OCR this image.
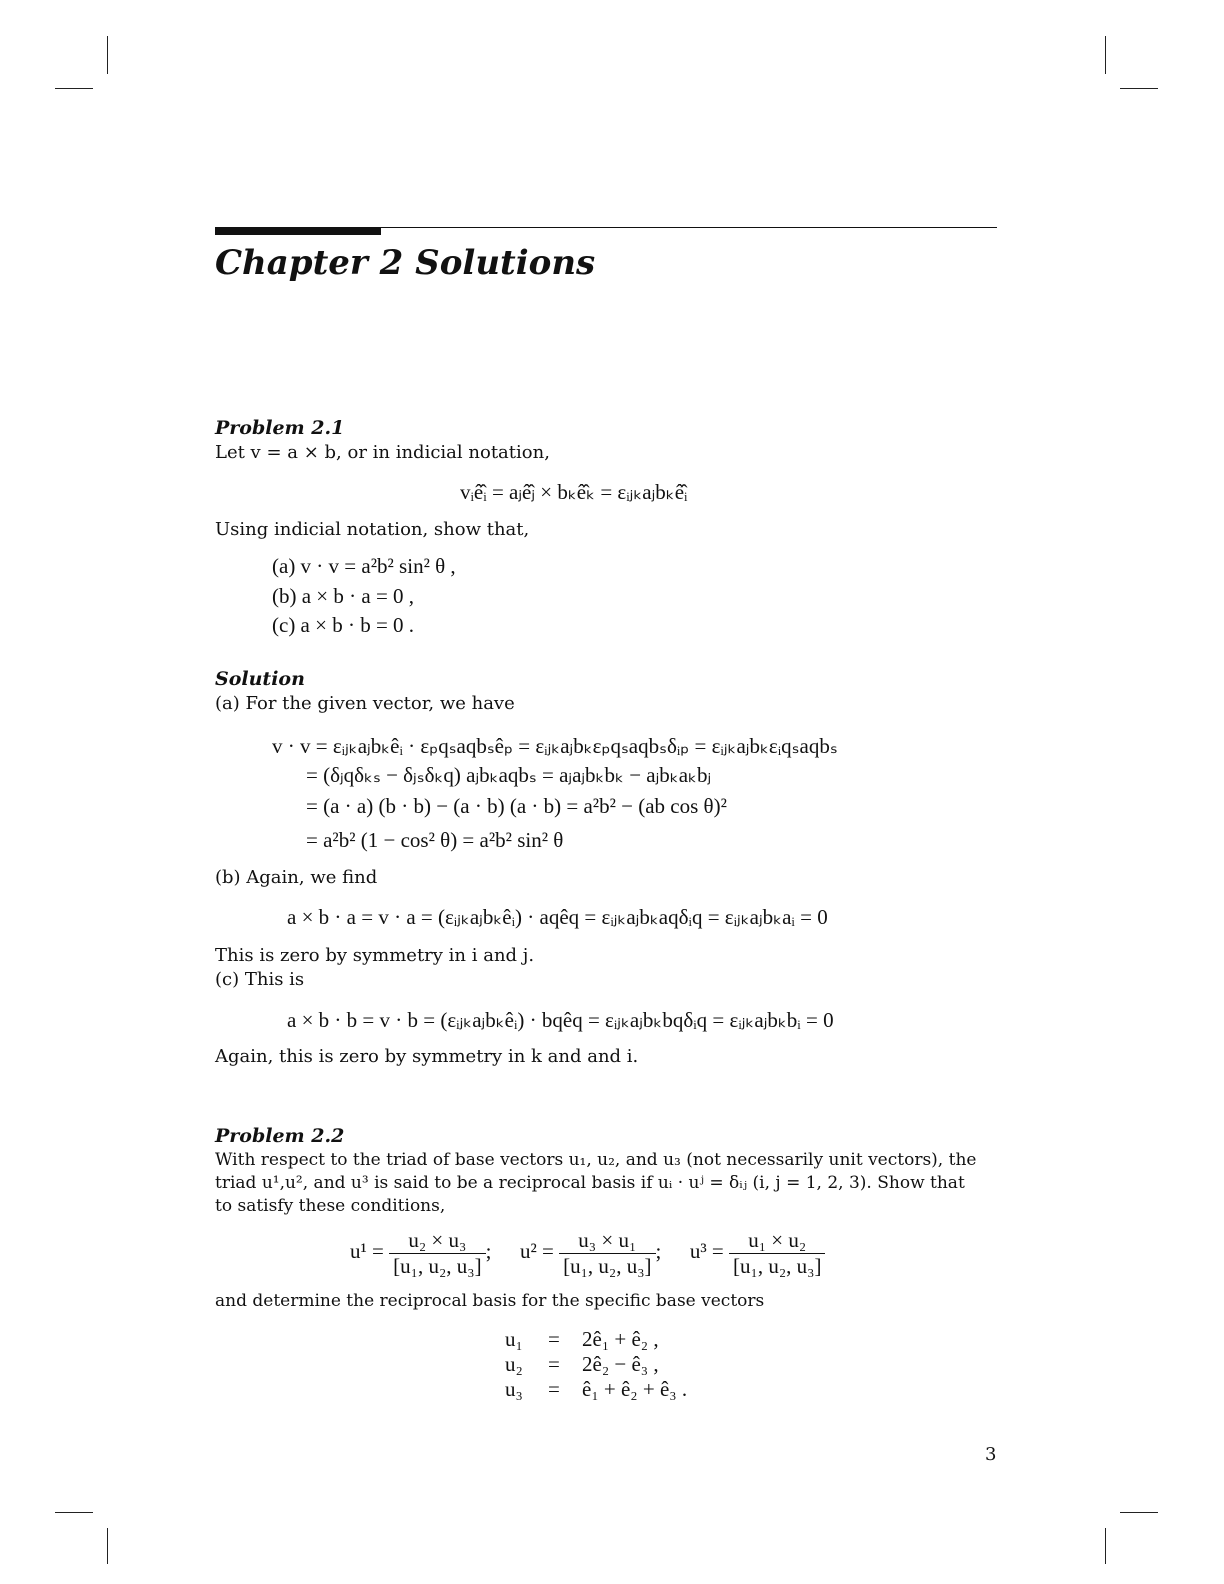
Chapter 2 Solutions
Problem 2.1
Let v = a × b, or in indicial notation,
vᵢê̂ᵢ = aⱼê̂ⱼ × bₖê̂ₖ = εᵢⱼₖaⱼbₖê̂ᵢ
Using indicial notation, show that,
(a) v · v = a²b² sin² θ ,
(b) a × b · a = 0 ,
(c) a × b · b = 0 .
Solution
(a) For the given vector, we have
v · v = εᵢⱼₖaⱼbₖêᵢ · εₚqₛaqbₛêₚ = εᵢⱼₖaⱼbₖεₚqₛaqbₛδᵢₚ = εᵢⱼₖaⱼbₖεᵢqₛaqbₛ
= (δⱼqδₖₛ − δⱼₛδₖq) aⱼbₖaqbₛ = aⱼaⱼbₖbₖ − aⱼbₖaₖbⱼ
= (a · a) (b · b) − (a · b) (a · b) = a²b² − (ab cos θ)²
= a²b² (1 − cos² θ) = a²b² sin² θ
(b) Again, we find
a × b · a = v · a = (εᵢⱼₖaⱼbₖêᵢ) · aqêq = εᵢⱼₖaⱼbₖaqδᵢq = εᵢⱼₖaⱼbₖaᵢ = 0
This is zero by symmetry in i and j.
(c) This is
a × b · b = v · b = (εᵢⱼₖaⱼbₖêᵢ) · bqêq = εᵢⱼₖaⱼbₖbqδᵢq = εᵢⱼₖaⱼbₖbᵢ = 0
Again, this is zero by symmetry in k and and i.
Problem 2.2
With respect to the triad of base vectors u₁, u₂, and u₃ (not necessarily unit vectors), the
triad u¹,u², and u³ is said to be a reciprocal basis if uᵢ · uʲ = δᵢⱼ (i, j = 1, 2, 3). Show that
to satisfy these conditions,
$u^1 = \frac{\text{u₂ × u₃}}{\text{[u₁, u₂, u₃]}}$ ; $u^2 = \frac{\text{u₃ × u₁}}{\text{[u₁, u₂, u₃]}}$ ; $u^3 = \frac{\text{u₁ × u₂}}{\text{[u₁, u₂, u₃]}}$
and determine the reciprocal basis for the specific base vectors
u₁ = 2ê₁ + ê₂ ,
u₂ = 2ê₂ − ê₃ ,
u₃ = ê₁ + ê₂ + ê₃ .
3
